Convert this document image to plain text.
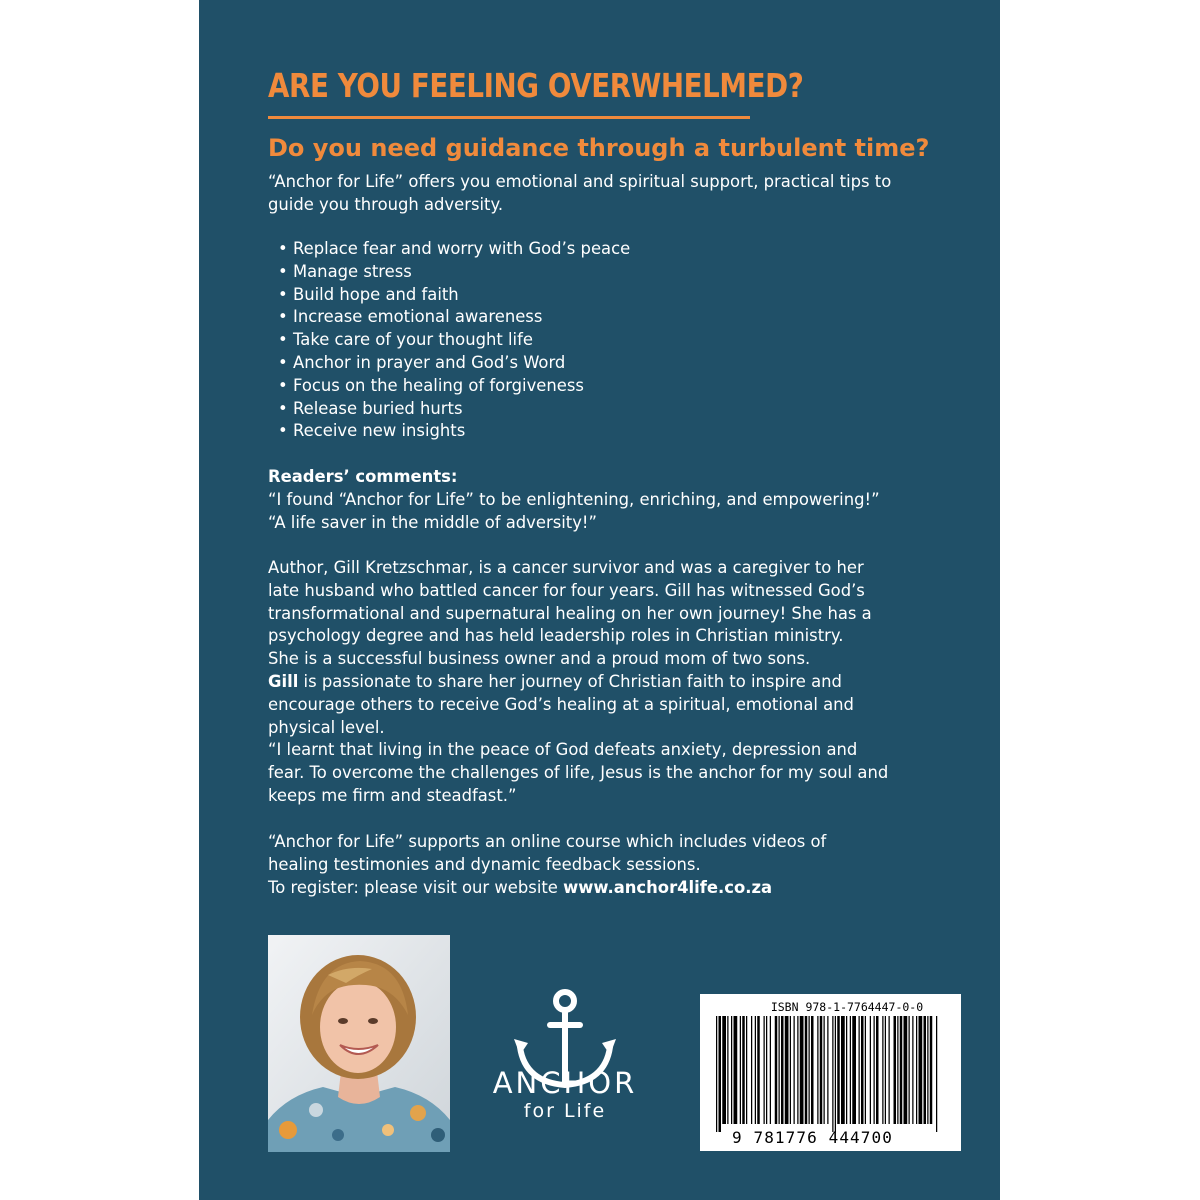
ARE YOU FEELING OVERWHELMED?
Do you need guidance through a turbulent time?
“Anchor for Life” offers you emotional and spiritual support, practical tips to
guide you through adversity.
• Replace fear and worry with God’s peace
• Manage stress
• Build hope and faith
• Increase emotional awareness
• Take care of your thought life
• Anchor in prayer and God’s Word
• Focus on the healing of forgiveness
• Release buried hurts
• Receive new insights
Readers’ comments:
“I found “Anchor for Life” to be enlightening, enriching, and empowering!”
“A life saver in the middle of adversity!”
Author, Gill Kretzschmar, is a cancer survivor and was a caregiver to her
late husband who battled cancer for four years. Gill has witnessed God’s
transformational and supernatural healing on her own journey! She has a
psychology degree and has held leadership roles in Christian ministry.
She is a successful business owner and a proud mom of two sons.
Gill is passionate to share her journey of Christian faith to inspire and
encourage others to receive God’s healing at a spiritual, emotional and
physical level.
“I learnt that living in the peace of God defeats anxiety, depression and
fear. To overcome the challenges of life, Jesus is the anchor for my soul and
keeps me firm and steadfast.”
“Anchor for Life” supports an online course which includes videos of
healing testimonies and dynamic feedback sessions.
To register: please visit our website www.anchor4life.co.za
ANCHOR
for Life
ISBN 978-1-7764447-0-0
9 781776 444700
